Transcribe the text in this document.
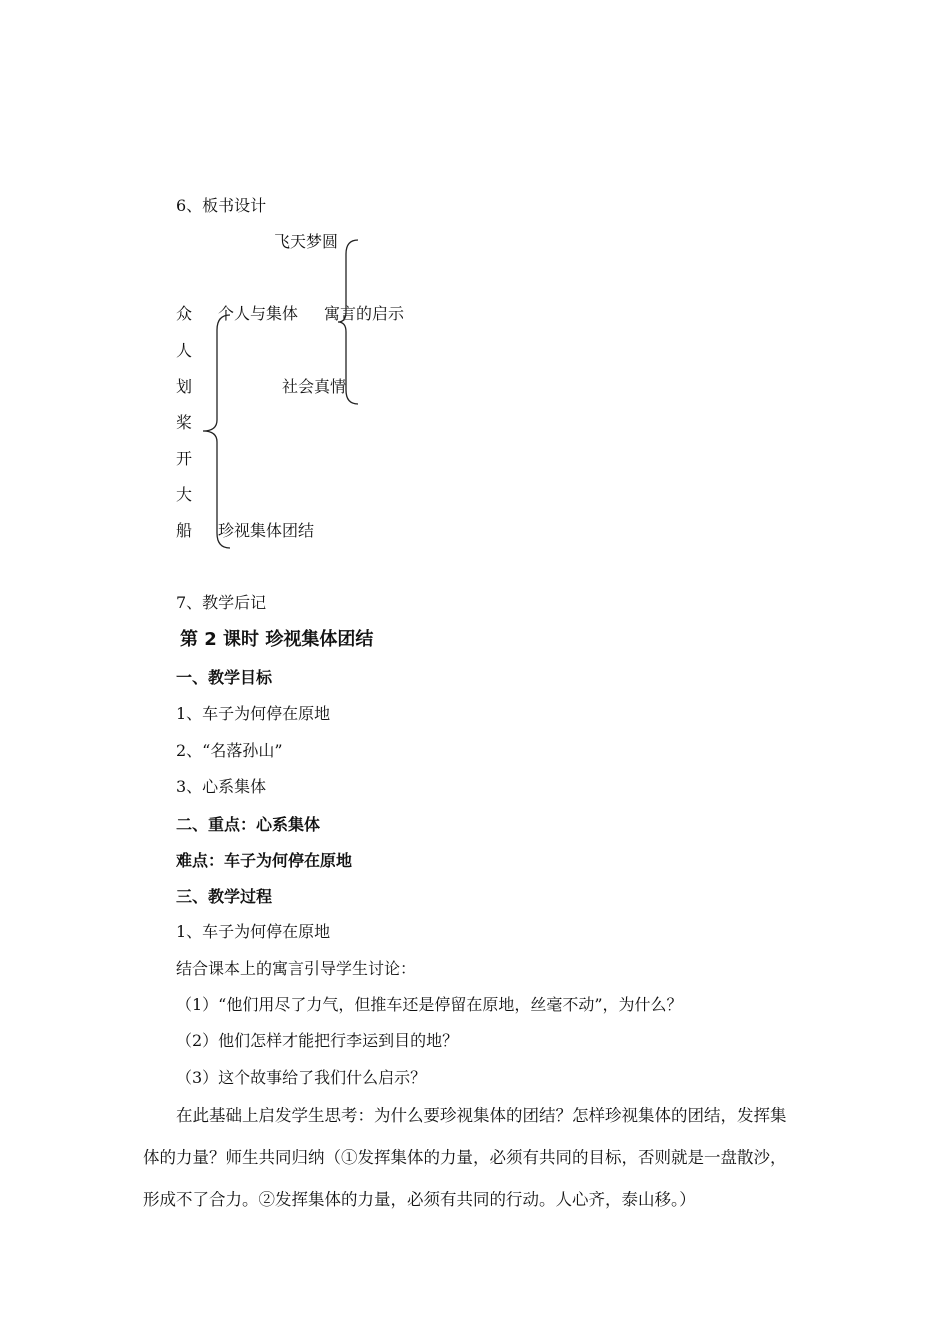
6、板书设计
飞天梦圆
个人与集体 寓言的启示
社会真情
珍视集体团结
众
人
划
桨
开
大
船
7、教学后记
第 2 课时 珍视集体团结
一、教学目标
1、车子为何停在原地
2、“名落孙山”
3、心系集体
二、重点：心系集体
难点：车子为何停在原地
三、教学过程
1、车子为何停在原地
结合课本上的寓言引导学生讨论：
（1）“他们用尽了力气，但推车还是停留在原地，丝毫不动”，为什么？
（2）他们怎样才能把行李运到目的地？
（3）这个故事给了我们什么启示？
在此基础上启发学生思考：为什么要珍视集体的团结？怎样珍视集体的团结，发挥集
体的力量？师生共同归纳（①发挥集体的力量，必须有共同的目标，否则就是一盘散沙，
形成不了合力。②发挥集体的力量，必须有共同的行动。人心齐，泰山移。）
